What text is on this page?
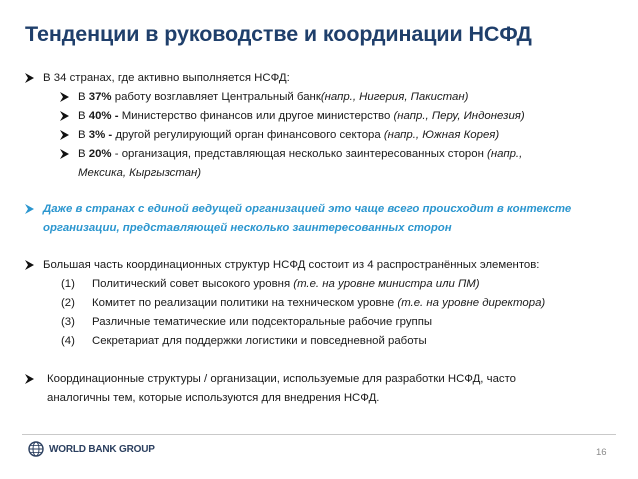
Тенденции в руководстве и координации НСФД
В 34 странах, где активно выполняется НСФД:
В 37% работу возглавляет Центральный банк(напр., Нигерия, Пакистан)
В 40% - Министерство финансов или другое министерство (напр., Перу, Индонезия)
В 3% - другой регулирующий орган финансового сектора (напр., Южная Корея)
В 20% - организация, представляющая несколько заинтересованных сторон (напр.,
Мексика, Кыргызстан)
Даже в странах с единой ведущей организацией это чаще всего происходит в контексте
организации, представляющей несколько заинтересованных сторон
Большая часть координационных структур НСФД состоит из 4 распространённых элементов:
(1) Политический совет высокого уровня (т.е. на уровне министра или ПМ)
(2) Комитет по реализации политики на техническом уровне (т.е. на уровне директора)
(3) Различные тематические или подсекторальные рабочие группы
(4) Секретариат для поддержки логистики и повседневной работы
Координационные структуры / организации, используемые для разработки НСФД, часто
аналогичны тем, которые используются для внедрения НСФД.
WORLD BANK GROUP	16
